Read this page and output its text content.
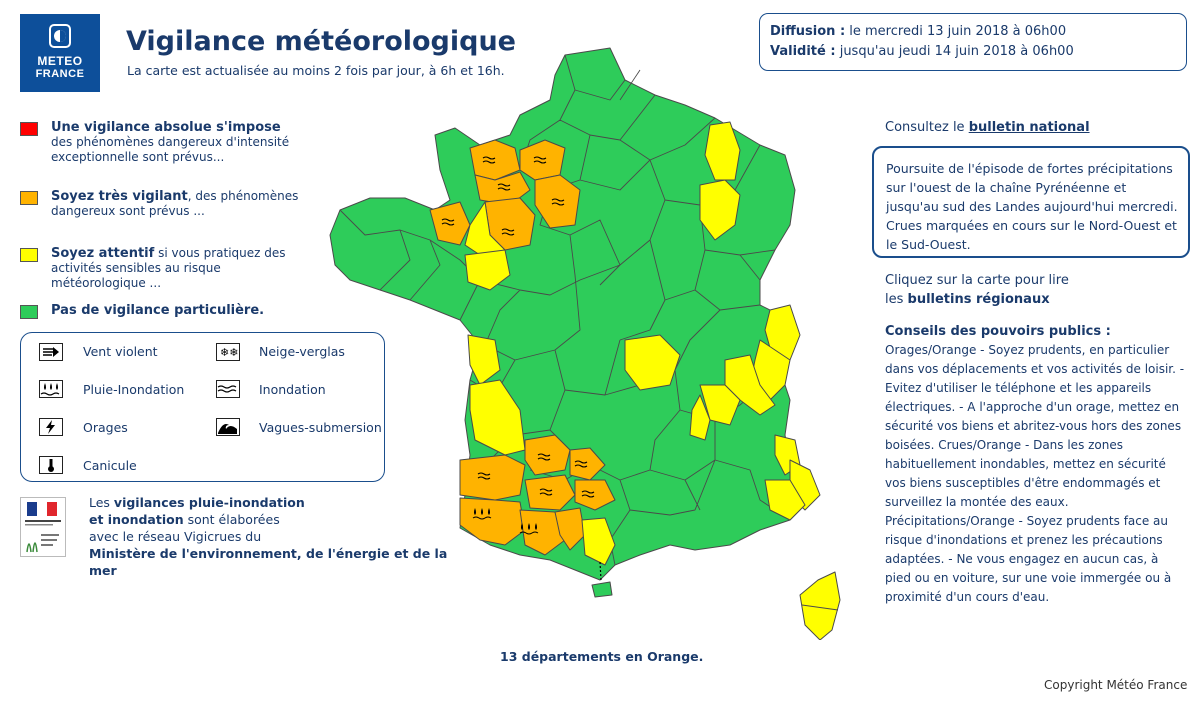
METEO
FRANCE
Vigilance météorologique
La carte est actualisée au moins 2 fois par jour, à 6h et 16h.
Diffusion : le mercredi 13 juin 2018 à 06h00
Validité : jusqu'au jeudi 14 juin 2018 à 06h00
Une vigilance absolue s'impose
des phénomènes dangereux d'intensité exceptionnelle sont prévus...
Soyez très vigilant, des phénomènes dangereux sont prévus ...
Soyez attentif si vous pratiquez des activités sensibles au risque météorologique ...
Pas de vigilance particulière.
Vent violent	❄❄ Neige-verglas
Pluie-Inondation	Inondation
Orages	Vagues-submersion
Canicule
Les vigilances pluie-inondation
et inondation sont élaborées
avec le réseau Vigicrues du
Ministère de l'environnement, de l'énergie et de la mer
Consultez le bulletin national
Poursuite de l'épisode de fortes précipitations sur l'ouest de la chaîne Pyrénéenne et jusqu'au sud des Landes aujourd'hui mercredi. Crues marquées en cours sur le Nord-Ouest et le Sud-Ouest.
Cliquez sur la carte pour lire
les bulletins régionaux
Conseils des pouvoirs publics :
Orages/Orange - Soyez prudents, en particulier dans vos déplacements et vos activités de loisir. - Evitez d'utiliser le téléphone et les appareils électriques. - A l'approche d'un orage, mettez en sécurité vos biens et abritez-vous hors des zones boisées. Crues/Orange - Dans les zones habituellement inondables, mettez en sécurité vos biens susceptibles d'être endommagés et surveillez la montée des eaux. Précipitations/Orange - Soyez prudents face au risque d'inondations et prenez les précautions adaptées. - Ne vous engagez en aucun cas, à pied ou en voiture, sur une voie immergée ou à proximité d'un cours d'eau.
13 départements en Orange.
Copyright Météo France
